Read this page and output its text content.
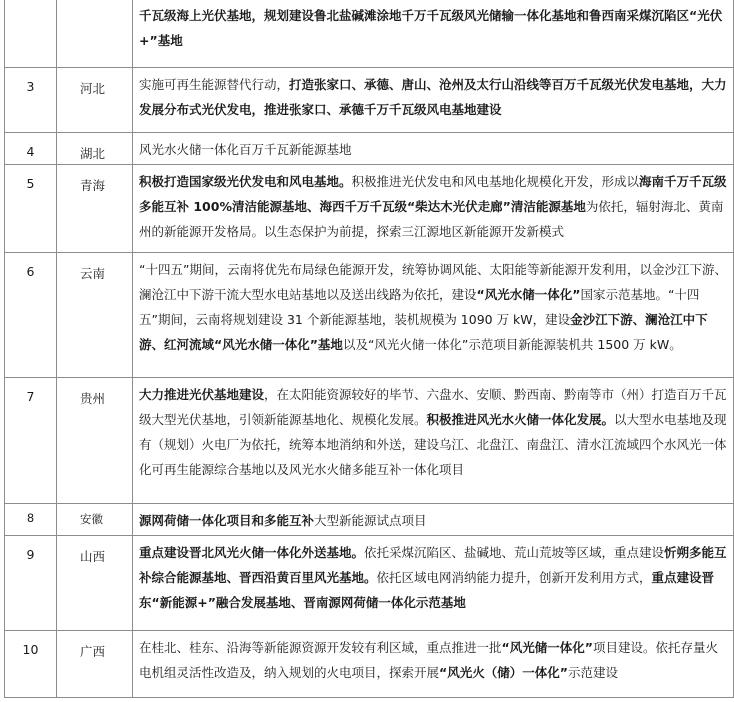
		千瓦级海上光伏基地，规划建设鲁北盐碱滩涂地千万千瓦级风光储输一体化基地和鲁西南采煤沉陷区“光伏+”基地
3	河北	实施可再生能源替代行动，打造张家口、承德、唐山、沧州及太行山沿线等百万千瓦级光伏发电基地，大力发展分布式光伏发电，推进张家口、承德千万千瓦级风电基地建设
4	湖北	风光水火储一体化百万千瓦新能源基地
5	青海	积极打造国家级光伏发电和风电基地。积极推进光伏发电和风电基地化规模化开发，形成以海南千万千瓦级多能互补 100%清洁能源基地、海西千万千瓦级“柴达木光伏走廊”清洁能源基地为依托，辐射海北、黄南州的新能源开发格局。以生态保护为前提，探索三江源地区新能源开发新模式
6	云南	“十四五”期间，云南将优先布局绿色能源开发，统筹协调风能、太阳能等新能源开发利用，以金沙江下游、澜沧江中下游干流大型水电站基地以及送出线路为依托，建设“风光水储一体化”国家示范基地。“十四五”期间，云南将规划建设 31 个新能源基地，装机规模为 1090 万 kW，建设金沙江下游、澜沧江中下游、红河流域“风光水储一体化”基地以及“风光火储一体化”示范项目新能源装机共 1500 万 kW。
7	贵州	大力推进光伏基地建设，在太阳能资源较好的毕节、六盘水、安顺、黔西南、黔南等市（州）打造百万千瓦级大型光伏基地，引领新能源基地化、规模化发展。积极推进风光水火储一体化发展。以大型水电基地及现有（规划）火电厂为依托，统筹本地消纳和外送，建设乌江、北盘江、南盘江、清水江流域四个水风光一体化可再生能源综合基地以及风光水火储多能互补一体化项目
8	安徽	源网荷储一体化项目和多能互补大型新能源试点项目
9	山西	重点建设晋北风光火储一体化外送基地。依托采煤沉陷区、盐碱地、荒山荒坡等区域，重点建设忻朔多能互补综合能源基地、晋西沿黄百里风光基地。依托区域电网消纳能力提升，创新开发利用方式，重点建设晋东“新能源+”融合发展基地、晋南源网荷储一体化示范基地
10	广西	在桂北、桂东、沿海等新能源资源开发较有利区域，重点推进一批“风光储一体化”项目建设。依托存量火电机组灵活性改造及，纳入规划的火电项目，探索开展“风光火（储）一体化”示范建设
